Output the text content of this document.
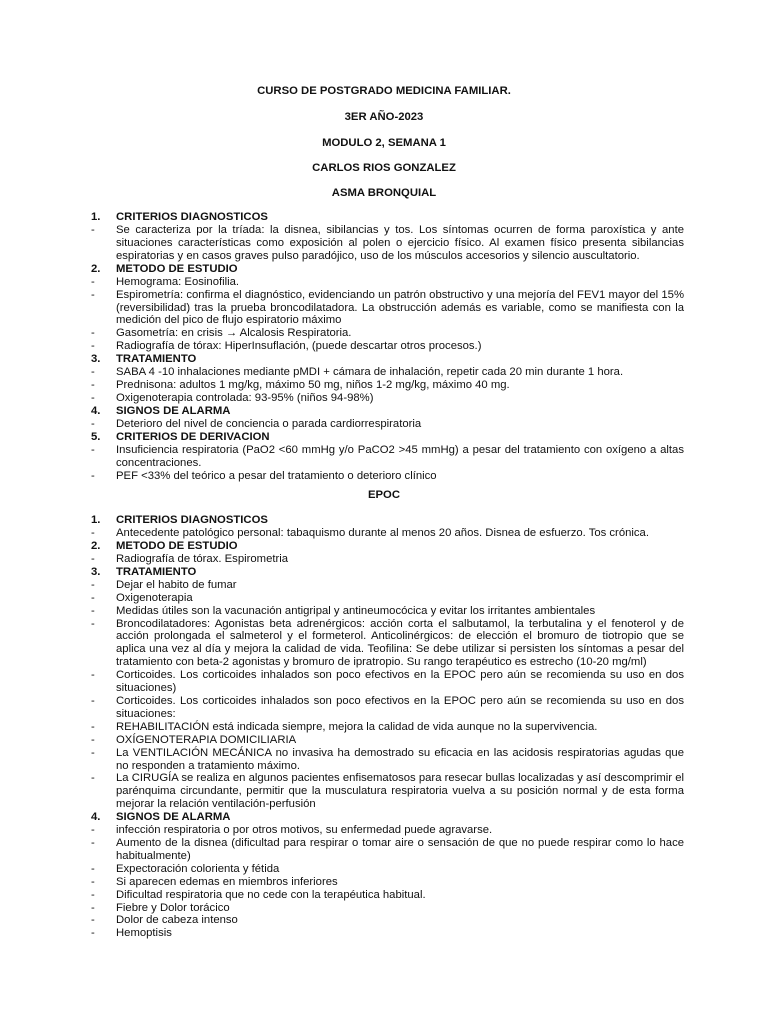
CURSO DE POSTGRADO MEDICINA FAMILIAR.
3ER AÑO-2023
MODULO 2, SEMANA 1
CARLOS RIOS GONZALEZ
ASMA BRONQUIAL
1. CRITERIOS DIAGNOSTICOS
- Se caracteriza por la tríada: la disnea, sibilancias y tos. Los síntomas ocurren de forma paroxística y ante situaciones características como exposición al polen o ejercicio físico. Al examen físico presenta sibilancias espiratorias y en casos graves pulso paradójico, uso de los músculos accesorios y silencio auscultatorio.
2. METODO DE ESTUDIO
- Hemograma: Eosinofilia.
- Espirometría: confirma el diagnóstico, evidenciando un patrón obstructivo y una mejoría del FEV1 mayor del 15% (reversibilidad) tras la prueba broncodilatadora. La obstrucción además es variable, como se manifiesta con la medición del pico de flujo espiratorio máximo
- Gasometría: en crisis → Alcalosis Respiratoria.
- Radiografía de tórax: HiperInsuflación, (puede descartar otros procesos.)
3. TRATAMIENTO
- SABA 4 -10 inhalaciones mediante pMDI + cámara de inhalación, repetir cada 20 min durante 1 hora.
- Prednisona: adultos 1 mg/kg, máximo 50 mg, niños 1-2 mg/kg, máximo 40 mg.
- Oxigenoterapia controlada: 93-95% (niños 94-98%)
4. SIGNOS DE ALARMA
- Deterioro del nivel de conciencia o parada cardiorrespiratoria
5. CRITERIOS DE DERIVACION
- Insuficiencia respiratoria (PaO2 <60 mmHg y/o PaCO2 >45 mmHg) a pesar del tratamiento con oxígeno a altas concentraciones.
- PEF <33% del teórico a pesar del tratamiento o deterioro clínico
EPOC
1. CRITERIOS DIAGNOSTICOS
- Antecedente patológico personal: tabaquismo durante al menos 20 años. Disnea de esfuerzo. Tos crónica.
2. METODO DE ESTUDIO
- Radiografía de tórax. Espirometria
3. TRATAMIENTO
- Dejar el habito de fumar
- Oxigenoterapia
- Medidas útiles son la vacunación antigripal y antineumocócica y evitar los irritantes ambientales
- Broncodilatadores: Agonistas beta adrenérgicos: acción corta el salbutamol, la terbutalina y el fenoterol y de acción prolongada el salmeterol y el formeterol. Anticolinérgicos: de elección el bromuro de tiotropio que se aplica una vez al día y mejora la calidad de vida. Teofilina: Se debe utilizar si persisten los síntomas a pesar del tratamiento con beta-2 agonistas y bromuro de ipratropio. Su rango terapéutico es estrecho (10-20 mg/ml)
- Corticoides. Los corticoides inhalados son poco efectivos en la EPOC pero aún se recomienda su uso en dos situaciones)
- Corticoides. Los corticoides inhalados son poco efectivos en la EPOC pero aún se recomienda su uso en dos situaciones:
- REHABILITACIÓN está indicada siempre, mejora la calidad de vida aunque no la supervivencia.
- OXÍGENOTERAPIA DOMICILIARIA
- La VENTILACIÓN MECÁNICA no invasiva ha demostrado su eficacia en las acidosis respiratorias agudas que no responden a tratamiento máximo.
- La CIRUGÍA se realiza en algunos pacientes enfisematosos para resecar bullas localizadas y así descomprimir el parénquima circundante, permitir que la musculatura respiratoria vuelva a su posición normal y de esta forma mejorar la relación ventilación-perfusión
4. SIGNOS DE ALARMA
- infección respiratoria o por otros motivos, su enfermedad puede agravarse.
- Aumento de la disnea (dificultad para respirar o tomar aire o sensación de que no puede respirar como lo hace habitualmente)
- Expectoración colorienta y fétida
- Si aparecen edemas en miembros inferiores
- Dificultad respiratoria que no cede con la terapéutica habitual.
- Fiebre y Dolor torácico
- Dolor de cabeza intenso
- Hemoptisis
